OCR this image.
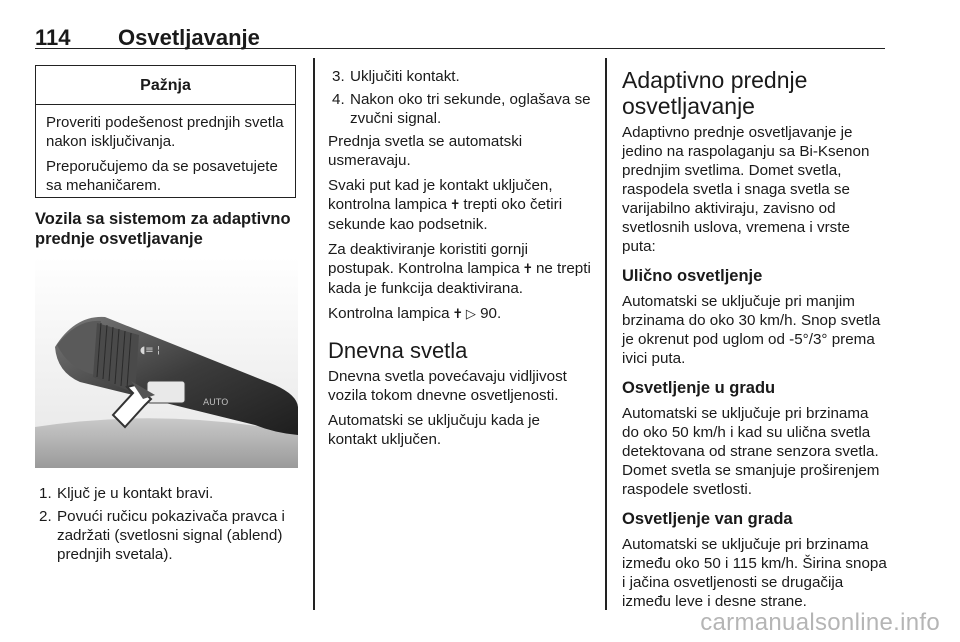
114 Osvetljavanje
Pažnja

Proveriti podešenost prednjih svetla nakon isključivanja.

Preporučujemo da se posavetujete sa mehaničarem.

Vozila sa sistemom za adaptivno prednje osvetljavanje
◖≡ ¦
AUTO
1. Ključ je u kontakt bravi.
2. Povući ručicu pokazivača pravca i zadržati (svetlosni signal (ablend) prednjih svetala).
3. Uključiti kontakt.
4. Nakon oko tri sekunde, oglašava se zvučni signal.

Prednja svetla se automatski usmeravaju.

Svaki put kad je kontakt uključen, kontrolna lampica 🕇 trepti oko četiri sekunde kao podsetnik.

Za deaktiviranje koristiti gornji postupak. Kontrolna lampica 🕇 ne trepti kada je funkcija deaktivirana.

Kontrolna lampica 🕇 ▷ 90.

Dnevna svetla

Dnevna svetla povećavaju vidljivost vozila tokom dnevne osvetljenosti.

Automatski se uključuju kada je kontakt uključen.

Adaptivno prednje osvetljavanje

Adaptivno prednje osvetljavanje je jedino na raspolaganju sa Bi-Ksenon prednjim svetlima. Domet svetla, raspodela svetla i snaga svetla se varijabilno aktiviraju, zavisno od svetlosnih uslova, vremena i vrste puta:

Ulično osvetljenje

Automatski se uključuje pri manjim brzinama do oko 30 km/h. Snop svetla je okrenut pod uglom od -5°/3° prema ivici puta.

Osvetljenje u gradu

Automatski se uključuje pri brzinama do oko 50 km/h i kad su ulična svetla detektovana od strane senzora svetla. Domet svetla se smanjuje proširenjem raspodele svetlosti.

Osvetljenje van grada

Automatski se uključuje pri brzinama između oko 50 i 115 km/h. Širina snopa i jačina osvetljenosti se drugačija između leve i desne strane.

carmanualsonline.info
